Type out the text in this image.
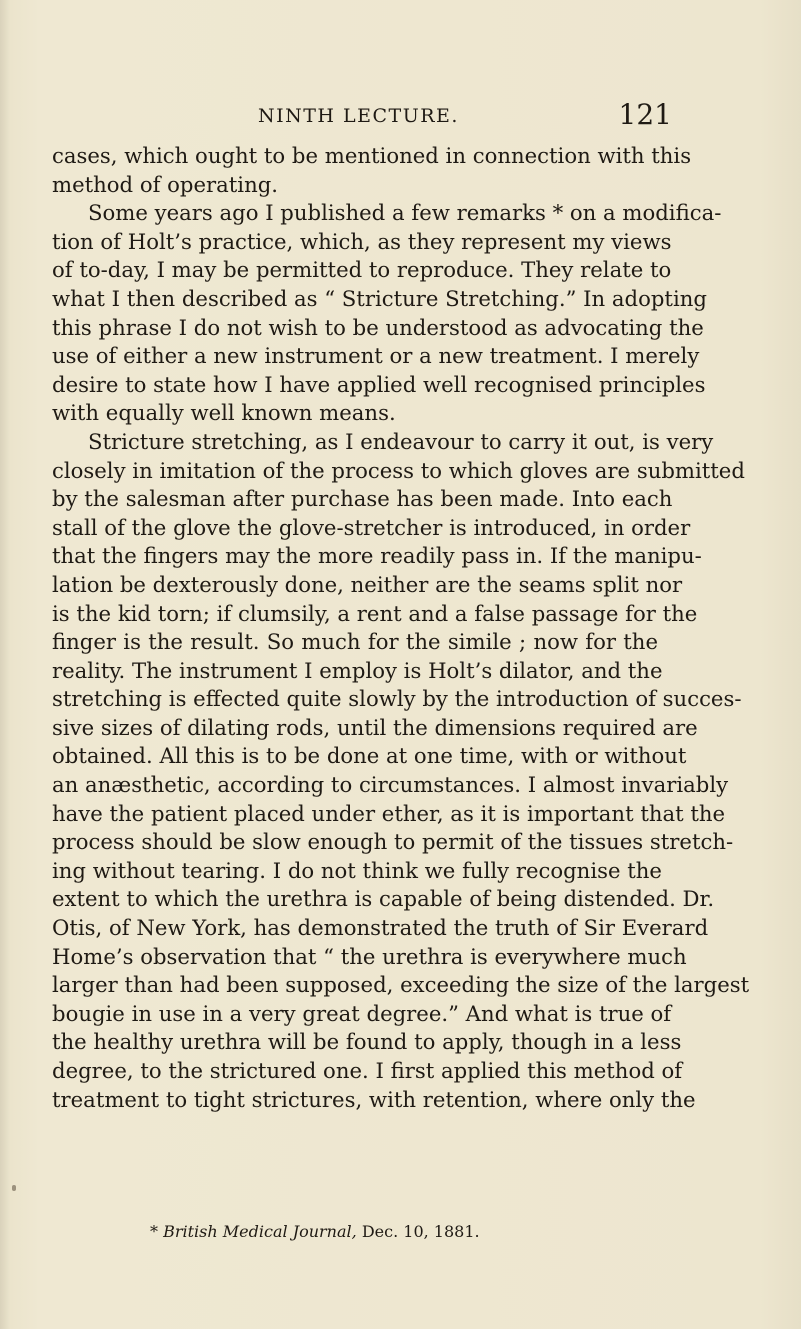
NINTH LECTURE.	121
cases, which ought to be mentioned in connection with this
method of operating.
Some years ago I published a few remarks * on a modifica-
tion of Holt’s practice, which, as they represent my views
of to-day, I may be permitted to reproduce. They relate to
what I then described as “ Stricture Stretching.” In adopting
this phrase I do not wish to be understood as advocating the
use of either a new instrument or a new treatment. I merely
desire to state how I have applied well recognised principles
with equally well known means.
Stricture stretching, as I endeavour to carry it out, is very
closely in imitation of the process to which gloves are submitted
by the salesman after purchase has been made. Into each
stall of the glove the glove-stretcher is introduced, in order
that the fingers may the more readily pass in. If the manipu-
lation be dexterously done, neither are the seams split nor
is the kid torn; if clumsily, a rent and a false passage for the
finger is the result. So much for the simile ; now for the
reality. The instrument I employ is Holt’s dilator, and the
stretching is effected quite slowly by the introduction of succes-
sive sizes of dilating rods, until the dimensions required are
obtained. All this is to be done at one time, with or without
an anæsthetic, according to circumstances. I almost invariably
have the patient placed under ether, as it is important that the
process should be slow enough to permit of the tissues stretch-
ing without tearing. I do not think we fully recognise the
extent to which the urethra is capable of being distended. Dr.
Otis, of New York, has demonstrated the truth of Sir Everard
Home’s observation that “ the urethra is everywhere much
larger than had been supposed, exceeding the size of the largest
bougie in use in a very great degree.” And what is true of
the healthy urethra will be found to apply, though in a less
degree, to the strictured one. I first applied this method of
treatment to tight strictures, with retention, where only the
* British Medical Journal, Dec. 10, 1881.
